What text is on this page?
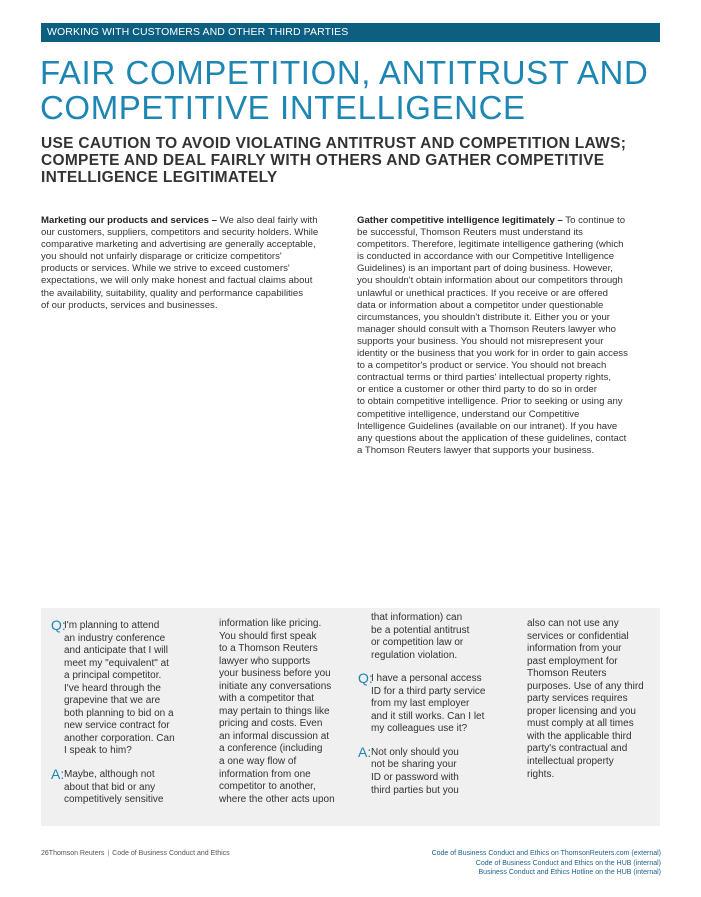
WORKING WITH CUSTOMERS AND OTHER THIRD PARTIES
FAIR COMPETITION, ANTITRUST AND
COMPETITIVE INTELLIGENCE
USE CAUTION TO AVOID VIOLATING ANTITRUST AND COMPETITION LAWS;
COMPETE AND DEAL FAIRLY WITH OTHERS AND GATHER COMPETITIVE
INTELLIGENCE LEGITIMATELY
Marketing our products and services – We also deal fairly with
our customers, suppliers, competitors and security holders. While
comparative marketing and advertising are generally acceptable,
you should not unfairly disparage or criticize competitors'
products or services. While we strive to exceed customers'
expectations, we will only make honest and factual claims about
the availability, suitability, quality and performance capabilities
of our products, services and businesses.
Gather competitive intelligence legitimately – To continue to
be successful, Thomson Reuters must understand its
competitors. Therefore, legitimate intelligence gathering (which
is conducted in accordance with our Competitive Intelligence
Guidelines) is an important part of doing business. However,
you shouldn't obtain information about our competitors through
unlawful or unethical practices. If you receive or are offered
data or information about a competitor under questionable
circumstances, you shouldn't distribute it. Either you or your
manager should consult with a Thomson Reuters lawyer who
supports your business. You should not misrepresent your
identity or the business that you work for in order to gain access
to a competitor's product or service. You should not breach
contractual terms or third parties' intellectual property rights,
or entice a customer or other third party to do so in order
to obtain competitive intelligence. Prior to seeking or using any
competitive intelligence, understand our Competitive
Intelligence Guidelines (available on our intranet). If you have
any questions about the application of these guidelines, contact
a Thomson Reuters lawyer that supports your business.
Q:
I'm planning to attend
an industry conference
and anticipate that I will
meet my "equivalent" at
a principal competitor.
I've heard through the
grapevine that we are
both planning to bid on a
new service contract for
another corporation. Can
I speak to him?
A: Maybe, although not
about that bid or any
competitively sensitive
information like pricing.
You should first speak
to a Thomson Reuters
lawyer who supports
your business before you
initiate any conversations
with a competitor that
may pertain to things like
pricing and costs. Even
an informal discussion at
a conference (including
a one way flow of
information from one
competitor to another,
where the other acts upon
that information) can
be a potential antitrust
or competition law or
regulation violation.
Q:
I have a personal access
ID for a third party service
from my last employer
and it still works. Can I let
my colleagues use it?
A: Not only should you
not be sharing your
ID or password with
third parties but you
also can not use any
services or confidential
information from your
past employment for
Thomson Reuters
purposes. Use of any third
party services requires
proper licensing and you
must comply at all times
with the applicable third
party's contractual and
intellectual property
rights.
26Thomson Reuters | Code of Business Conduct and Ethics	Code of Business Conduct and Ethics on ThomsonReuters.com (external)
Code of Business Conduct and Ethics on the HUB (internal)
Business Conduct and Ethics Hotline on the HUB (internal)
